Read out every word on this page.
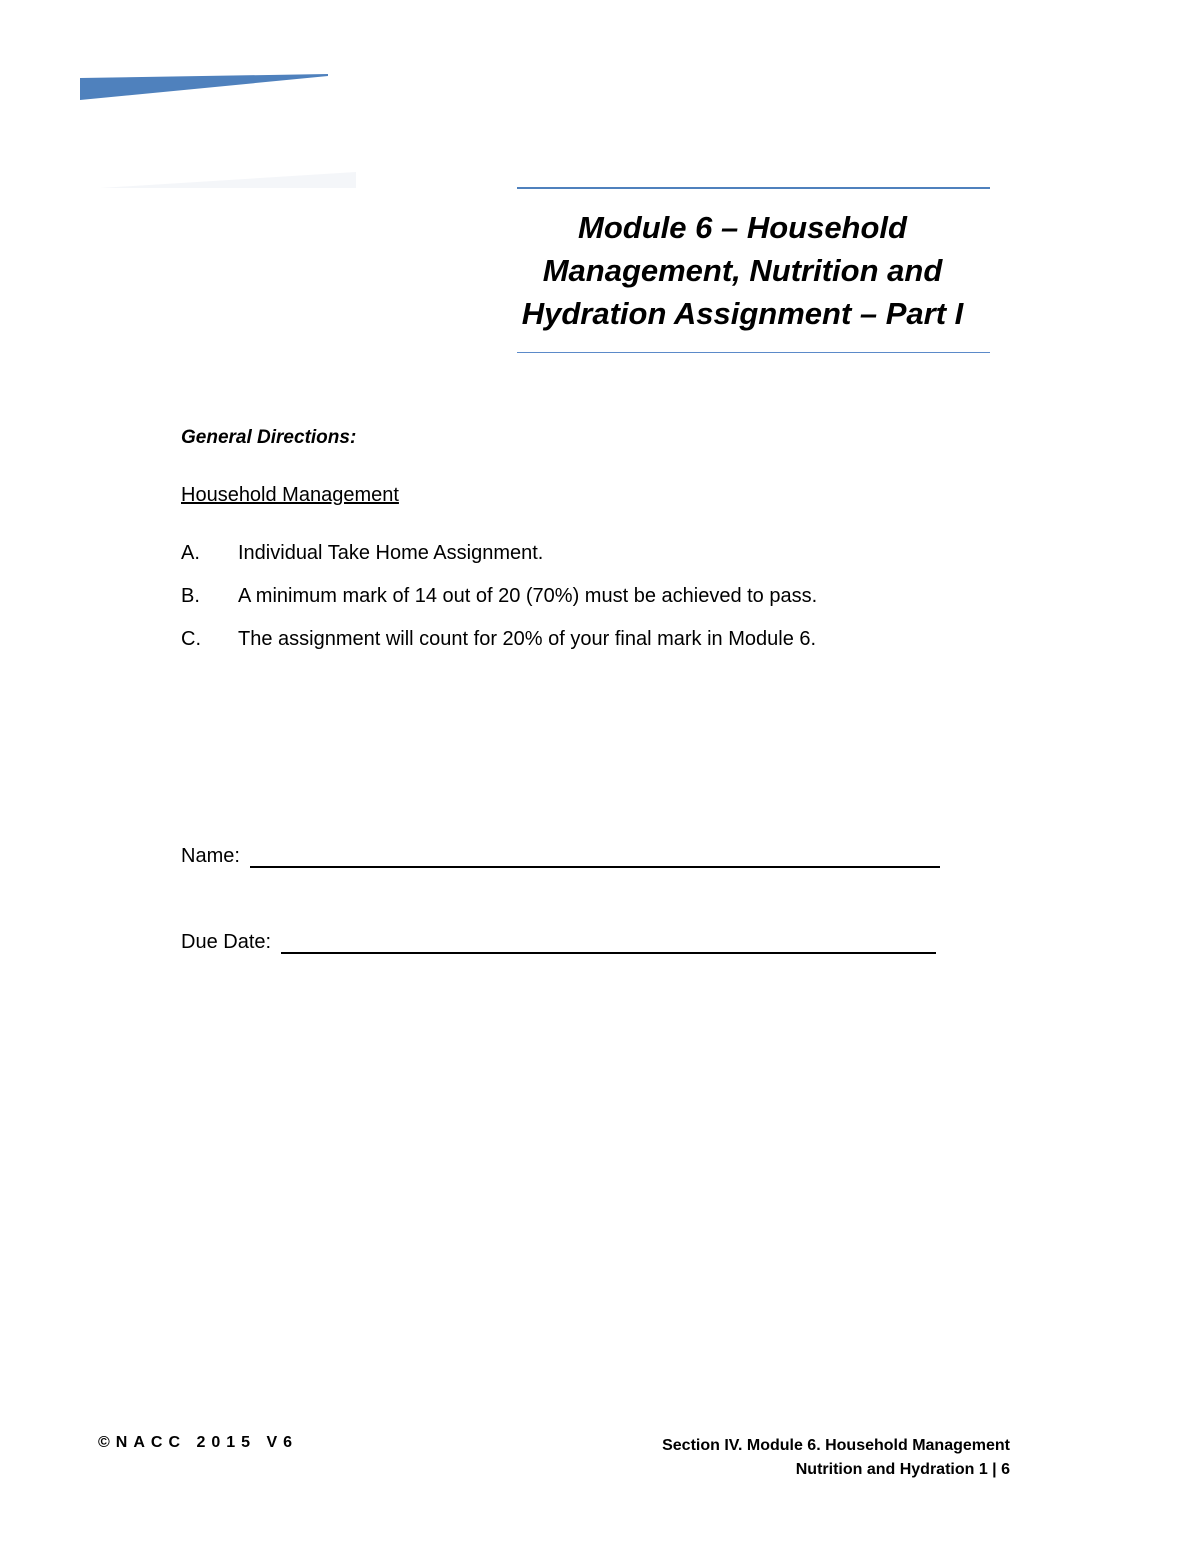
Module 6 – Household
Management, Nutrition and
Hydration Assignment – Part I
General Directions:
Household Management
A.	Individual Take Home Assignment.
B.	A minimum mark of 14 out of 20 (70%) must be achieved to pass.
C.	The assignment will count for 20% of your final mark in Module 6.
Name:
Due Date:
©NACC 2015 V6	Section IV. Module 6. Household Management
Nutrition and Hydration 1 | 6
